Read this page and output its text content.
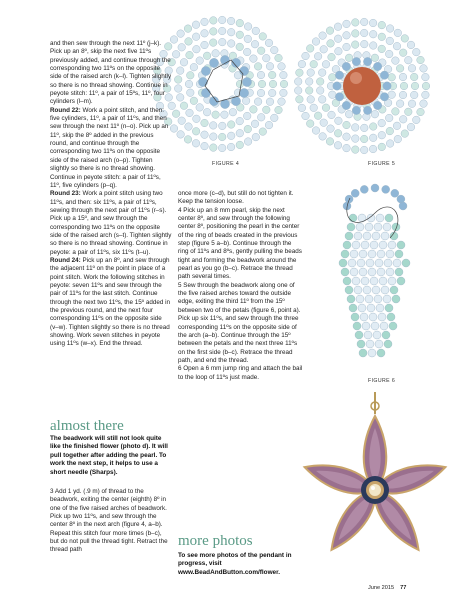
FIGURE 4	FIGURE 5
FIGURE 6

and then sew through the next 11º (j–k). Pick up an 8º, skip the next five 11ºs previously added, and continue through the corresponding two 11ºs on the opposite side of the raised arch (k–l). Tighten slightly so there is no thread showing. Continue in peyote stitch: 11º, a pair of 15ºs, 11º, four cylinders (l–m).

Round 22: Work a point stitch, and then: five cylinders, 11º, a pair of 11ºs, and then sew through the next 11º (n–o). Pick up an 11º, skip the 8º added in the previous round, and continue through the corresponding two 11ºs on the opposite side of the raised arch (o–p). Tighten slightly so there is no thread showing. Continue in peyote stitch: a pair of 11ºs, 11º, five cylinders (p–q).

Round 23: Work a point stitch using two 11ºs, and then: six 11ºs, a pair of 11ºs, sewing through the next pair of 11ºs (r–s). Pick up a 15º, and sew through the corresponding two 11ºs on the opposite side of the raised arch (s–t). Tighten slightly so there is no thread showing. Continue in peyote: a pair of 11ºs, six 11ºs (t–u).

Round 24: Pick up an 8º, and sew through the adjacent 11º on the point in place of a point stitch. Work the following stitches in peyote: seven 11ºs and sew through the pair of 11ºs for the last stitch. Continue through the next two 11ºs, the 15º added in the previous round, and the next four corresponding 11ºs on the opposite side (v–w). Tighten slightly so there is no thread showing. Work seven stitches in peyote using 11ºs (w–x). End the thread.

almost there
The beadwork will still not look quite like the finished flower (photo d). It will pull together after adding the pearl. To work the next step, it helps to use a short needle (Sharps).
3 Add 1 yd. (.9 m) of thread to the beadwork, exiting the center (eighth) 8º in one of the five raised arches of beadwork. Pick up two 11ºs, and sew through the center 8º in the next arch (figure 4, a–b). Repeat this stitch four more times (b–c), but do not pull the thread tight. Retract the thread path

once more (c–d), but still do not tighten it. Keep the tension loose.

4 Pick up an 8 mm pearl, skip the next center 8º, and sew through the following center 8º, positioning the pearl in the center of the ring of beads created in the previous step (figure 5 a–b). Continue through the ring of 11ºs and 8ºs, gently pulling the beads tight and forming the beadwork around the pearl as you go (b–c). Retrace the thread path several times.

5 Sew through the beadwork along one of the five raised arches toward the outside edge, exiting the third 11º from the 15º between two of the petals (figure 6, point a). Pick up six 11ºs, and sew through the three corresponding 11ºs on the opposite side of the arch (a–b). Continue through the 15º between the petals and the next three 11ºs on the first side (b–c). Retrace the thread path, and end the thread.

6 Open a 6 mm jump ring and attach the bail to the loop of 11ºs just made.

more photos
To see more photos of the pendant in progress, visit www.BeadAndButton.com/flower.
June 2015 77
